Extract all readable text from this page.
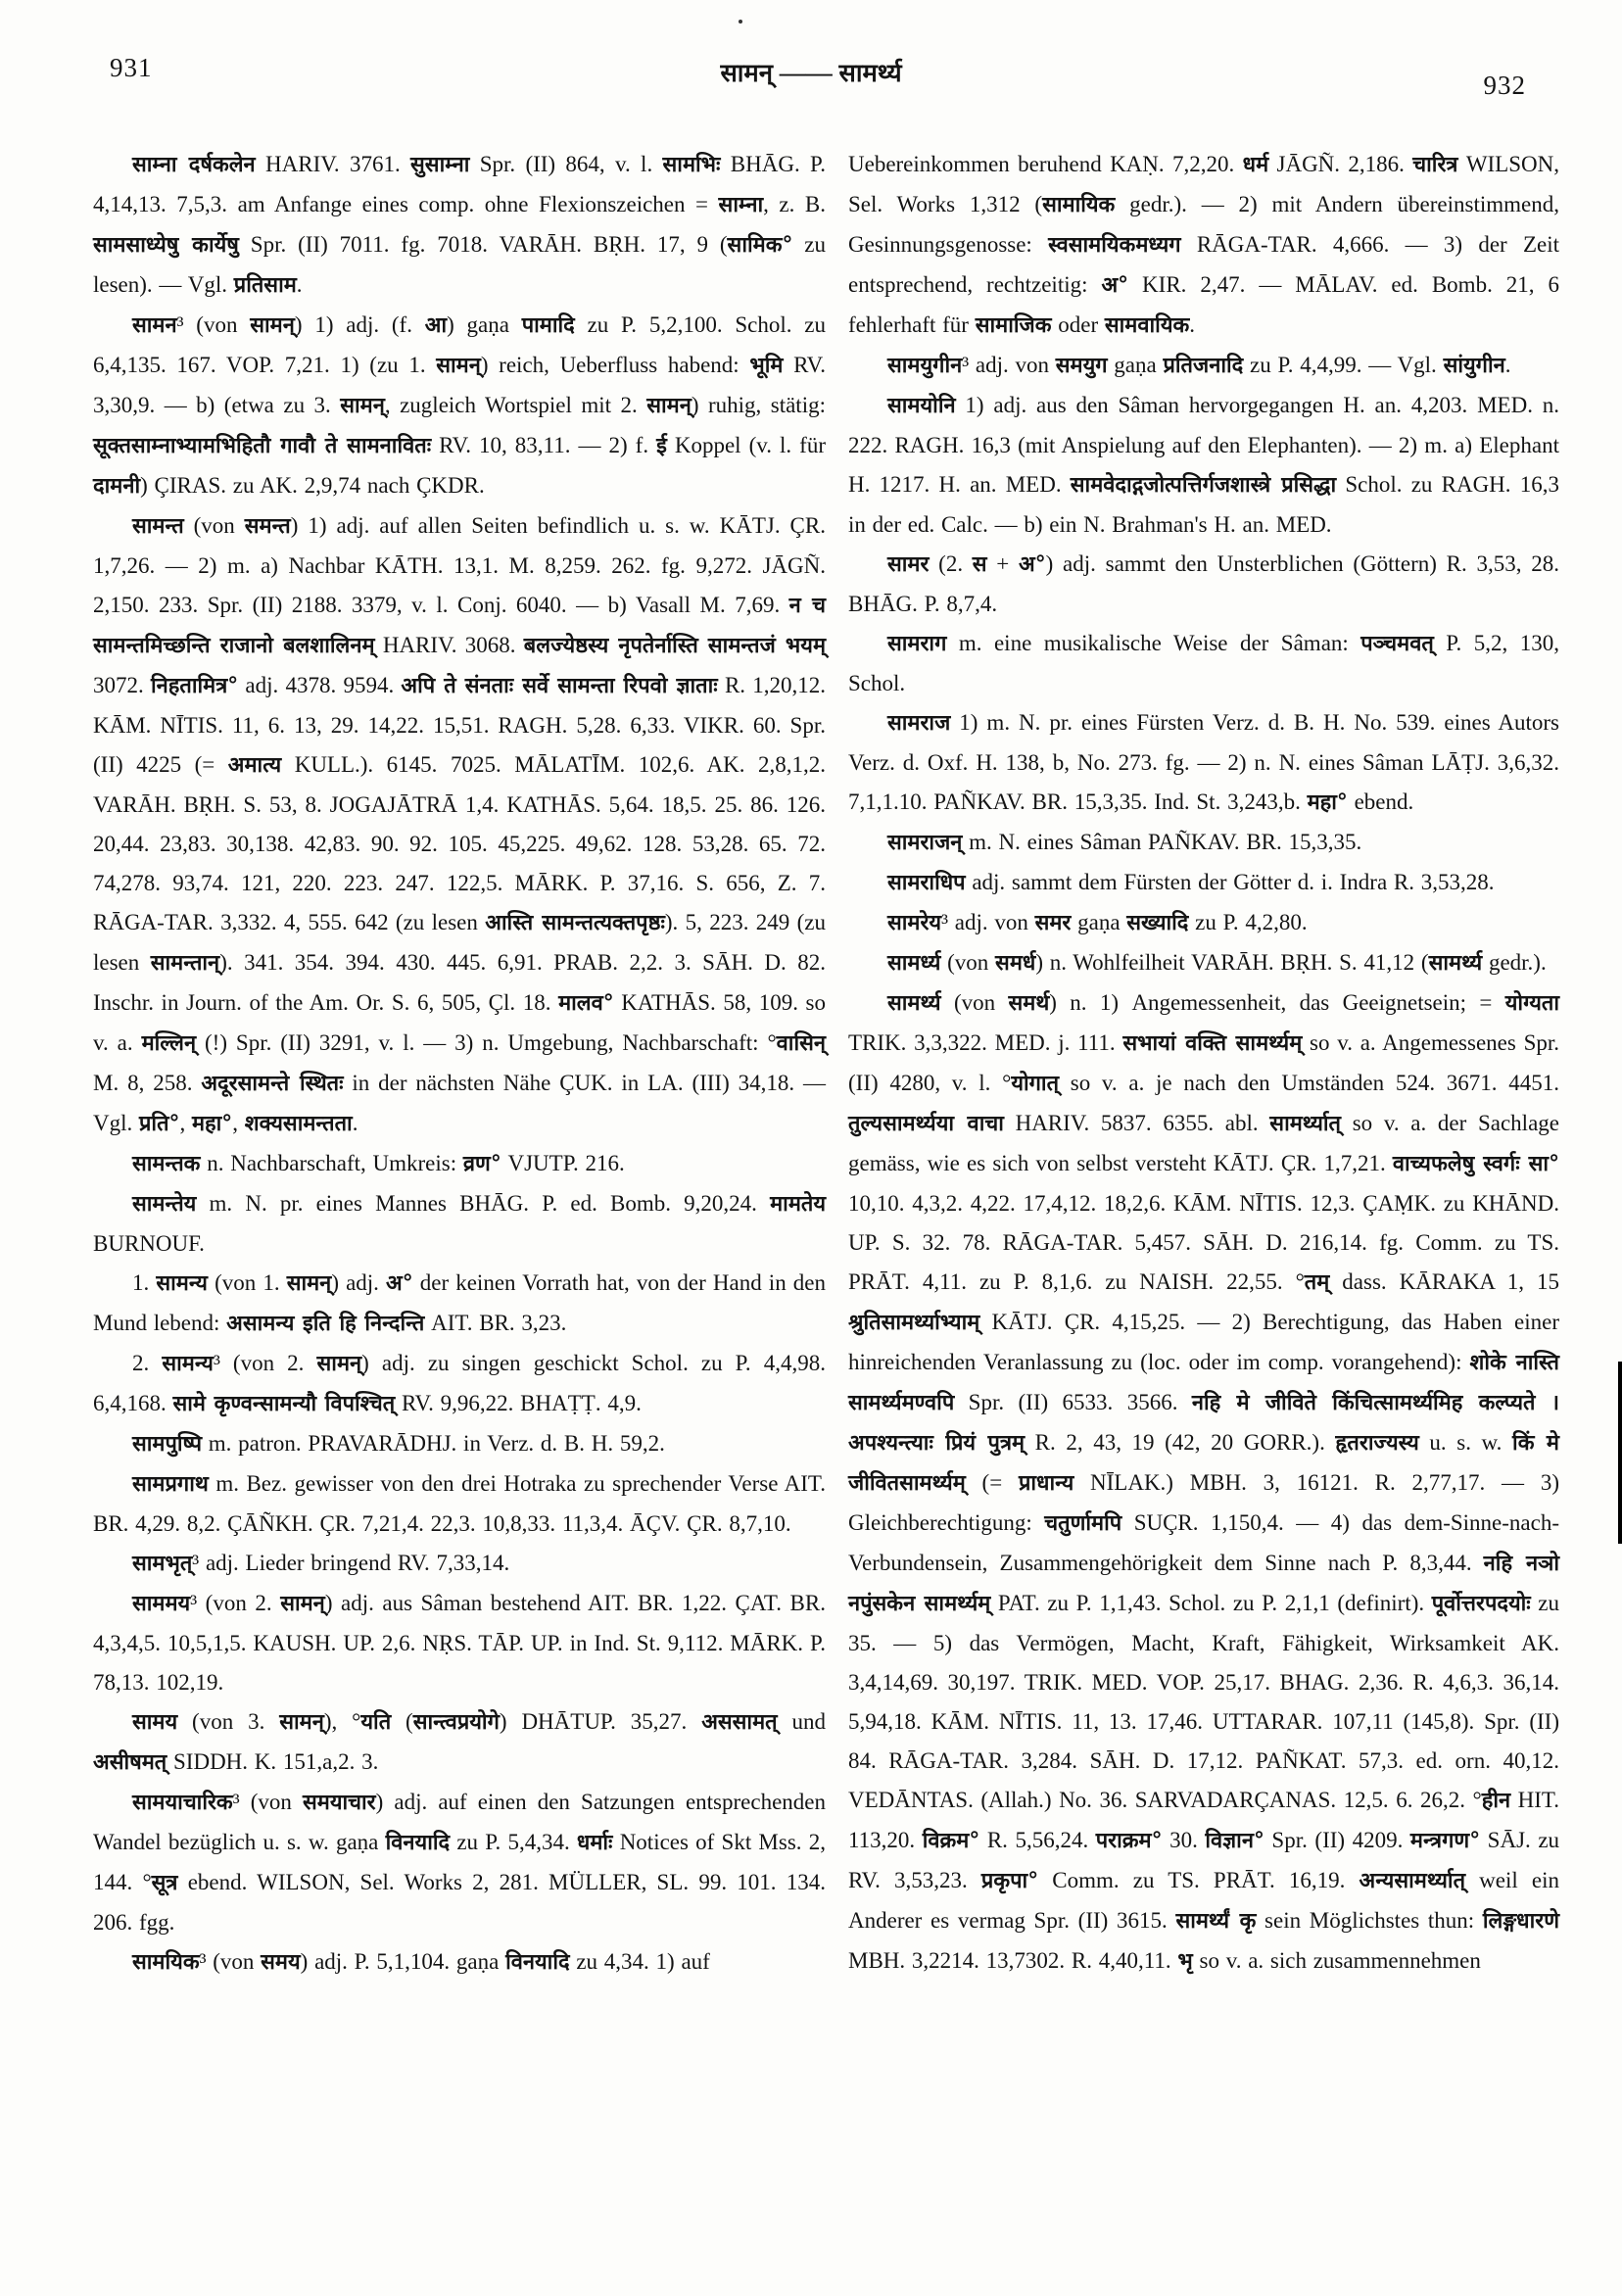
931	सामन् —— सामर्थ्य	932

साम्ना दर्षकलेन HARIV. 3761. सुसाम्ना Spr. (II) 864, v. l. सामभिः BHĀG. P. 4,14,13. 7,5,3. am Anfange eines comp. ohne Flexionszeichen = साम्ना, z. B. सामसाध्येषु कार्येषु Spr. (II) 7011. fg. 7018. VARĀH. BṚH. 17, 9 (सामिक° zu lesen). — Vgl. प्रतिसाम.

सामन³ (von सामन्) 1) adj. (f. आ) gaṇa पामादि zu P. 5,2,100. Schol. zu 6,4,135. 167. VOP. 7,21. 1) (zu 1. सामन्) reich, Ueberfluss habend: भूमि RV. 3,30,9. — b) (etwa zu 3. सामन्, zugleich Wortspiel mit 2. सामन्) ruhig, stätig: सूक्तसाम्नाभ्यामभिहितौ गावौ ते सामनावितः RV. 10, 83,11. — 2) f. ई Koppel (v. l. für दामनी) ÇIRAS. zu AK. 2,9,74 nach ÇKDR.

सामन्त (von समन्त) 1) adj. auf allen Seiten befindlich u. s. w. KĀTJ. ÇR. 1,7,26. — 2) m. a) Nachbar KĀTH. 13,1. M. 8,259. 262. fg. 9,272. JĀGÑ. 2,150. 233. Spr. (II) 2188. 3379, v. l. Conj. 6040. — b) Vasall M. 7,69. न च सामन्तमिच्छन्ति राजानो बलशालिनम् HARIV. 3068. बलज्येष्ठस्य नृपतेर्नास्ति सामन्तजं भयम् 3072. निहतामित्र° adj. 4378. 9594. अपि ते संनताः सर्वे सामन्ता रिपवो ज्ञाताः R. 1,20,12. KĀM. NĪTIS. 11, 6. 13, 29. 14,22. 15,51. RAGH. 5,28. 6,33. VIKR. 60. Spr. (II) 4225 (= अमात्य KULL.). 6145. 7025. MĀLATĪM. 102,6. AK. 2,8,1,2. VARĀH. BṚH. S. 53, 8. JOGAJĀTRĀ 1,4. KATHĀS. 5,64. 18,5. 25. 86. 126. 20,44. 23,83. 30,138. 42,83. 90. 92. 105. 45,225. 49,62. 128. 53,28. 65. 72. 74,278. 93,74. 121, 220. 223. 247. 122,5. MĀRK. P. 37,16. S. 656, Z. 7. RĀGA-TAR. 3,332. 4, 555. 642 (zu lesen आस्ति सामन्तत्यक्तपृष्ठः). 5, 223. 249 (zu lesen सामन्तान्). 341. 354. 394. 430. 445. 6,91. PRAB. 2,2. 3. SĀH. D. 82. Inschr. in Journ. of the Am. Or. S. 6, 505, Çl. 18. मालव° KATHĀS. 58, 109. so v. a. मल्लिन् (!) Spr. (II) 3291, v. l. — 3) n. Umgebung, Nachbarschaft: °वासिन् M. 8, 258. अदूरसामन्ते स्थितः in der nächsten Nähe ÇUK. in LA. (III) 34,18. — Vgl. प्रति°, महा°, शक्यसामन्तता.

सामन्तक n. Nachbarschaft, Umkreis: व्रण° VJUTP. 216.

सामन्तेय m. N. pr. eines Mannes BHĀG. P. ed. Bomb. 9,20,24. मामतेय BURNOUF.

1. सामन्य (von 1. सामन्) adj. अ° der keinen Vorrath hat, von der Hand in den Mund lebend: असामन्य इति हि निन्दन्ति AIT. BR. 3,23.

2. सामन्य³ (von 2. सामन्) adj. zu singen geschickt Schol. zu P. 4,4,98. 6,4,168. सामे कृण्वन्सामन्यौ विपश्चित् RV. 9,96,22. BHAṬṬ. 4,9.

सामपुष्पि m. patron. PRAVARĀDHJ. in Verz. d. B. H. 59,2.

सामप्रगाथ m. Bez. gewisser von den drei Hotraka zu sprechender Verse AIT. BR. 4,29. 8,2. ÇĀÑKH. ÇR. 7,21,4. 22,3. 10,8,33. 11,3,4. ĀÇV. ÇR. 8,7,10.

सामभृत्³ adj. Lieder bringend RV. 7,33,14.

साममय³ (von 2. सामन्) adj. aus Sâman bestehend AIT. BR. 1,22. ÇAT. BR. 4,3,4,5. 10,5,1,5. KAUSH. UP. 2,6. NṚS. TĀP. UP. in Ind. St. 9,112. MĀRK. P. 78,13. 102,19.

सामय (von 3. सामन्), °यति (सान्त्वप्रयोगे) DHĀTUP. 35,27. अससामत् und असीषमत् SIDDH. K. 151,a,2. 3.

सामयाचारिक³ (von समयाचार) adj. auf einen den Satzungen entsprechenden Wandel bezüglich u. s. w. gaṇa विनयादि zu P. 5,4,34. धर्माः Notices of Skt Mss. 2, 144. °सूत्र ebend. WILSON, Sel. Works 2, 281. MÜLLER, SL. 99. 101. 134. 206. fgg.

सामयिक³ (von समय) adj. P. 5,1,104. gaṇa विनयादि zu 4,34. 1) auf

Uebereinkommen beruhend KAṆ. 7,2,20. धर्म JĀGÑ. 2,186. चारित्र WILSON, Sel. Works 1,312 (सामायिक gedr.). — 2) mit Andern übereinstimmend, Gesinnungsgenosse: स्वसामयिकमध्यग RĀGA-TAR. 4,666. — 3) der Zeit entsprechend, rechtzeitig: अ° KIR. 2,47. — MĀLAV. ed. Bomb. 21, 6 fehlerhaft für सामाजिक oder सामवायिक.

सामयुगीन³ adj. von समयुग gaṇa प्रतिजनादि zu P. 4,4,99. — Vgl. सांयुगीन.

सामयोनि 1) adj. aus den Sâman hervorgegangen H. an. 4,203. MED. n. 222. RAGH. 16,3 (mit Anspielung auf den Elephanten). — 2) m. a) Elephant H. 1217. H. an. MED. सामवेदाद्गजोत्पत्तिर्गजशास्त्रे प्रसिद्धा Schol. zu RAGH. 16,3 in der ed. Calc. — b) ein N. Brahman's H. an. MED.

सामर (2. स + अ°) adj. sammt den Unsterblichen (Göttern) R. 3,53, 28. BHĀG. P. 8,7,4.

सामराग m. eine musikalische Weise der Sâman: पञ्चमवत् P. 5,2, 130, Schol.

सामराज 1) m. N. pr. eines Fürsten Verz. d. B. H. No. 539. eines Autors Verz. d. Oxf. H. 138, b, No. 273. fg. — 2) n. N. eines Sâman LĀṬJ. 3,6,32. 7,1,1.10. PAÑKAV. BR. 15,3,35. Ind. St. 3,243,b. महा° ebend.

सामराजन् m. N. eines Sâman PAÑKAV. BR. 15,3,35.

सामराधिप adj. sammt dem Fürsten der Götter d. i. Indra R. 3,53,28.

सामरेय³ adj. von समर gaṇa सख्यादि zu P. 4,2,80.

सामर्ध्य (von समर्ध) n. Wohlfeilheit VARĀH. BṚH. S. 41,12 (सामर्थ्य gedr.).

सामर्थ्य (von समर्थ) n. 1) Angemessenheit, das Geeignetsein; = योग्यता TRIK. 3,3,322. MED. j. 111. सभायां वक्ति सामर्थ्यम् so v. a. Angemessenes Spr. (II) 4280, v. l. °योगात् so v. a. je nach den Umständen 524. 3671. 4451. तुल्यसामर्थ्यया वाचा HARIV. 5837. 6355. abl. सामर्थ्यात् so v. a. der Sachlage gemäss, wie es sich von selbst versteht KĀTJ. ÇR. 1,7,21. वाच्यफलेषु स्वर्गः सा° 10,10. 4,3,2. 4,22. 17,4,12. 18,2,6. KĀM. NĪTIS. 12,3. ÇAṂK. zu KHĀND. UP. S. 32. 78. RĀGA-TAR. 5,457. SĀH. D. 216,14. fg. Comm. zu TS. PRĀT. 4,11. zu P. 8,1,6. zu NAISH. 22,55. °तम् dass. KĀRAKA 1, 15 श्रुतिसामर्थ्याभ्याम् KĀTJ. ÇR. 4,15,25. — 2) Berechtigung, das Haben einer hinreichenden Veranlassung zu (loc. oder im comp. vorangehend): शोके नास्ति सामर्थ्यमण्वपि Spr. (II) 6533. 3566. नहि मे जीविते किंचित्सामर्थ्यमिह कल्प्यते । अपश्यन्त्याः प्रियं पुत्रम् R. 2, 43, 19 (42, 20 GORR.). हृतराज्यस्य u. s. w. किं मे जीवितसामर्थ्यम् (= प्राधान्य NĪLAK.) MBH. 3, 16121. R. 2,77,17. — 3) Gleichberechtigung: चतुर्णामपि SUÇR. 1,150,4. — 4) das dem-Sinne-nach-Verbundensein, Zusammengehörigkeit dem Sinne nach P. 8,3,44. नहि नञो नपुंसकेन सामर्थ्यम् PAT. zu P. 1,1,43. Schol. zu P. 2,1,1 (definirt). पूर्वोत्तरपदयोः zu 35. — 5) das Vermögen, Macht, Kraft, Fähigkeit, Wirksamkeit AK. 3,4,14,69. 30,197. TRIK. MED. VOP. 25,17. BHAG. 2,36. R. 4,6,3. 36,14. 5,94,18. KĀM. NĪTIS. 11, 13. 17,46. UTTARAR. 107,11 (145,8). Spr. (II) 84. RĀGA-TAR. 3,284. SĀH. D. 17,12. PAÑKAT. 57,3. ed. orn. 40,12. VEDĀNTAS. (Allah.) No. 36. SARVADARÇANAS. 12,5. 6. 26,2. °हीन HIT. 113,20. विक्रम° R. 5,56,24. पराक्रम° 30. विज्ञान° Spr. (II) 4209. मन्त्रगण° SĀJ. zu RV. 3,53,23. प्रकृपा° Comm. zu TS. PRĀT. 16,19. अन्यसामर्थ्यात् weil ein Anderer es vermag Spr. (II) 3615. सामर्थ्यं कृ sein Möglichstes thun: लिङ्गधारणे MBH. 3,2214. 13,7302. R. 4,40,11. भृ so v. a. sich zusammennehmen
